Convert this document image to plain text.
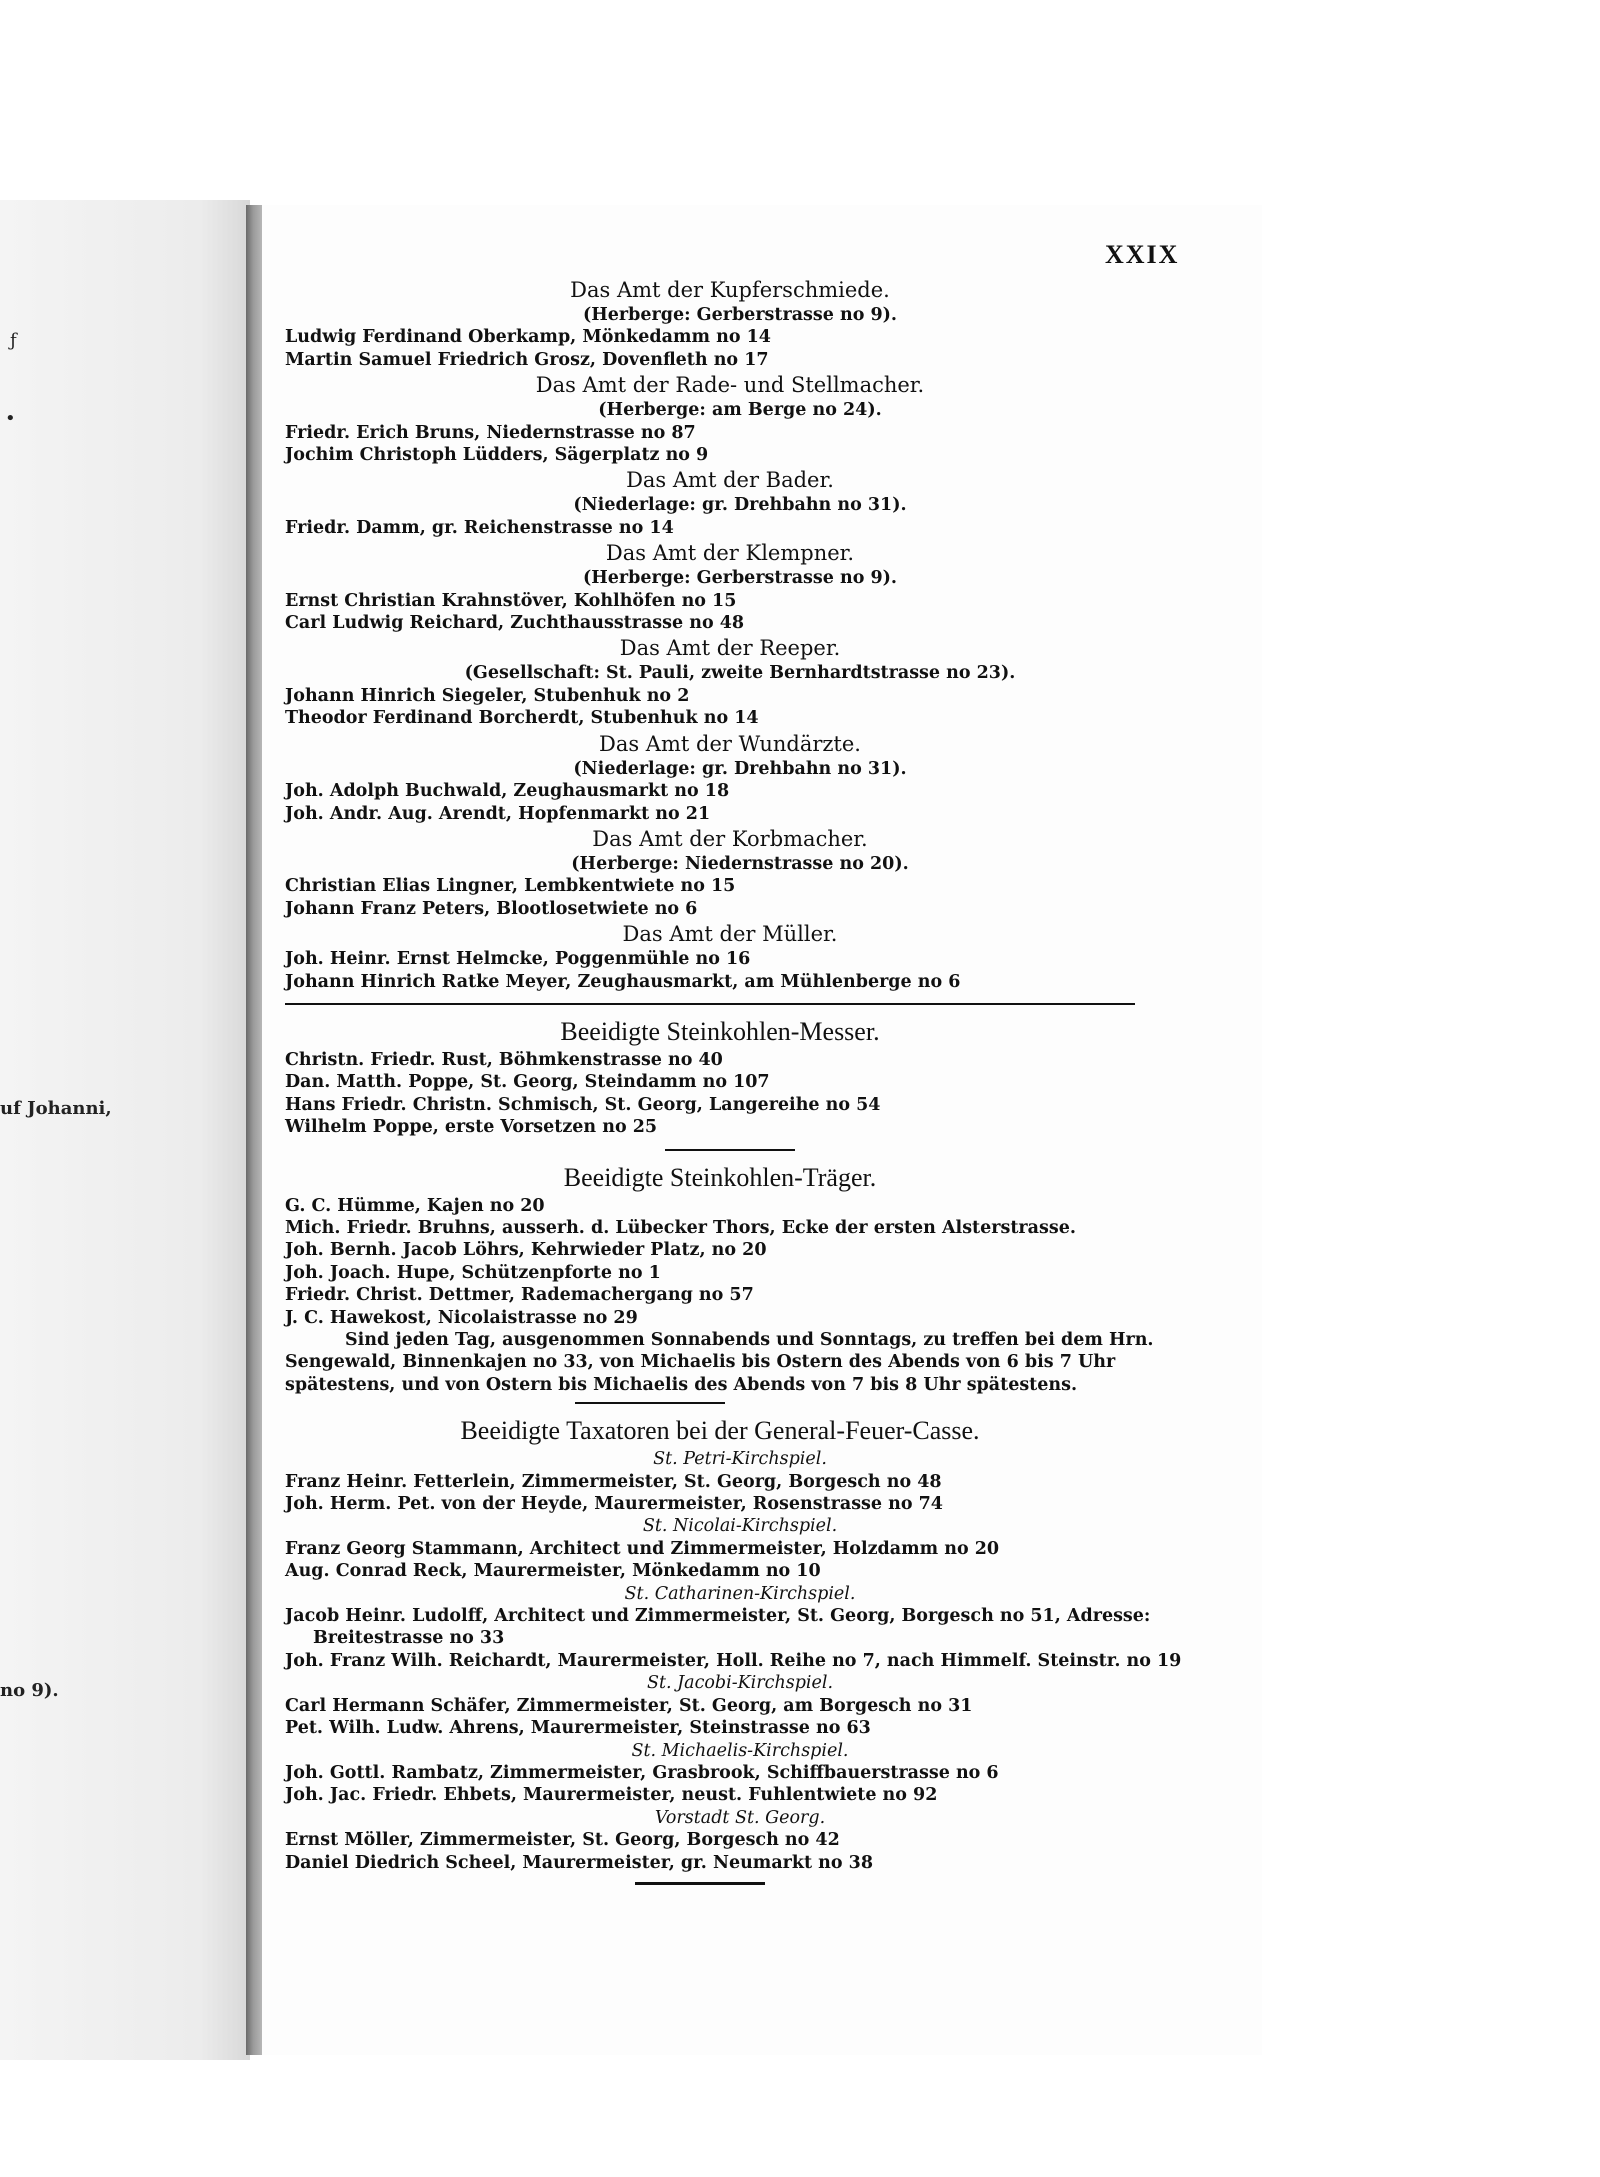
ƒ
•
uf Johanni,
no 9).
XXIX
Das Amt der Kupferschmiede.
(Herberge: Gerberstrasse no 9).
Ludwig Ferdinand Oberkamp, Mönkedamm no 14
Martin Samuel Friedrich Grosz, Dovenfleth no 17
Das Amt der Rade- und Stellmacher.
(Herberge: am Berge no 24).
Friedr. Erich Bruns, Niedernstrasse no 87
Jochim Christoph Lüdders, Sägerplatz no 9
Das Amt der Bader.
(Niederlage: gr. Drehbahn no 31).
Friedr. Damm, gr. Reichenstrasse no 14
Das Amt der Klempner.
(Herberge: Gerberstrasse no 9).
Ernst Christian Krahnstöver, Kohlhöfen no 15
Carl Ludwig Reichard, Zuchthausstrasse no 48
Das Amt der Reeper.
(Gesellschaft: St. Pauli, zweite Bernhardtstrasse no 23).
Johann Hinrich Siegeler, Stubenhuk no 2
Theodor Ferdinand Borcherdt, Stubenhuk no 14
Das Amt der Wundärzte.
(Niederlage: gr. Drehbahn no 31).
Joh. Adolph Buchwald, Zeughausmarkt no 18
Joh. Andr. Aug. Arendt, Hopfenmarkt no 21
Das Amt der Korbmacher.
(Herberge: Niedernstrasse no 20).
Christian Elias Lingner, Lembkentwiete no 15
Johann Franz Peters, Blootlosetwiete no 6
Das Amt der Müller.
Joh. Heinr. Ernst Helmcke, Poggenmühle no 16
Johann Hinrich Ratke Meyer, Zeughausmarkt, am Mühlenberge no 6
Beeidigte Steinkohlen-Messer.
Christn. Friedr. Rust, Böhmkenstrasse no 40
Dan. Matth. Poppe, St. Georg, Steindamm no 107
Hans Friedr. Christn. Schmisch, St. Georg, Langereihe no 54
Wilhelm Poppe, erste Vorsetzen no 25
Beeidigte Steinkohlen-Träger.
G. C. Hümme, Kajen no 20
Mich. Friedr. Bruhns, ausserh. d. Lübecker Thors, Ecke der ersten Alsterstrasse.
Joh. Bernh. Jacob Löhrs, Kehrwieder Platz, no 20
Joh. Joach. Hupe, Schützenpforte no 1
Friedr. Christ. Dettmer, Rademachergang no 57
J. C. Hawekost, Nicolaistrasse no 29
Sind jeden Tag, ausgenommen Sonnabends und Sonntags, zu treffen bei dem Hrn.
Sengewald, Binnenkajen no 33, von Michaelis bis Ostern des Abends von 6 bis 7 Uhr
spätestens, und von Ostern bis Michaelis des Abends von 7 bis 8 Uhr spätestens.
Beeidigte Taxatoren bei der General-Feuer-Casse.
St. Petri-Kirchspiel.
Franz Heinr. Fetterlein, Zimmermeister, St. Georg, Borgesch no 48
Joh. Herm. Pet. von der Heyde, Maurermeister, Rosenstrasse no 74
St. Nicolai-Kirchspiel.
Franz Georg Stammann, Architect und Zimmermeister, Holzdamm no 20
Aug. Conrad Reck, Maurermeister, Mönkedamm no 10
St. Catharinen-Kirchspiel.
Jacob Heinr. Ludolff, Architect und Zimmermeister, St. Georg, Borgesch no 51, Adresse:
Breitestrasse no 33
Joh. Franz Wilh. Reichardt, Maurermeister, Holl. Reihe no 7, nach Himmelf. Steinstr. no 19
St. Jacobi-Kirchspiel.
Carl Hermann Schäfer, Zimmermeister, St. Georg, am Borgesch no 31
Pet. Wilh. Ludw. Ahrens, Maurermeister, Steinstrasse no 63
St. Michaelis-Kirchspiel.
Joh. Gottl. Rambatz, Zimmermeister, Grasbrook, Schiffbauerstrasse no 6
Joh. Jac. Friedr. Ehbets, Maurermeister, neust. Fuhlentwiete no 92
Vorstadt St. Georg.
Ernst Möller, Zimmermeister, St. Georg, Borgesch no 42
Daniel Diedrich Scheel, Maurermeister, gr. Neumarkt no 38
